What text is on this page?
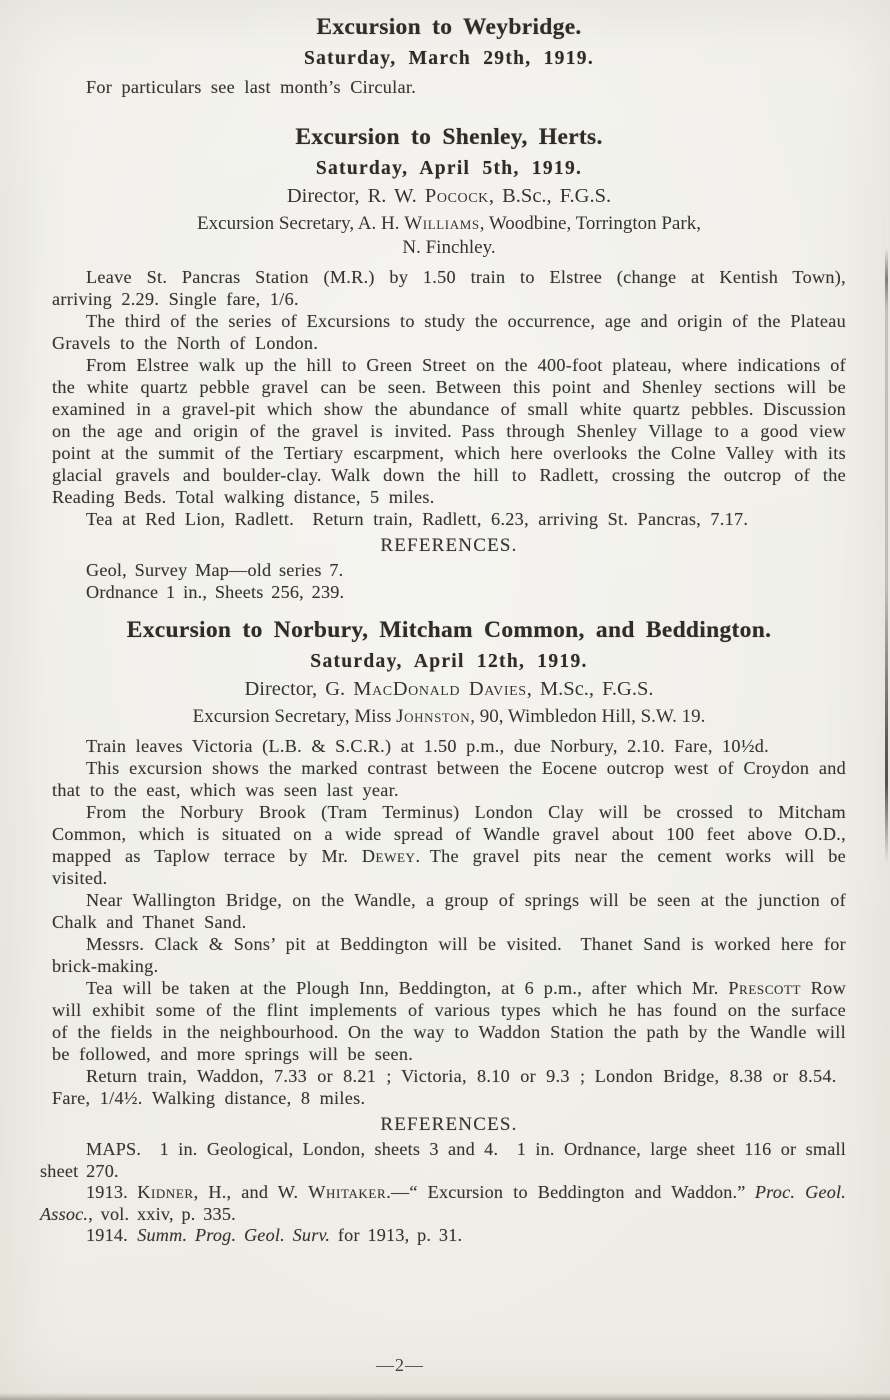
Excursion to Weybridge.
Saturday, March 29th, 1919.

For particulars see last month’s Circular.

Excursion to Shenley, Herts.
Saturday, April 5th, 1919.
Director, R. W. Pocock, B.Sc., F.G.S.
Excursion Secretary, A. H. Williams, Woodbine, Torrington Park,
N. Finchley.

Leave St. Pancras Station (M.R.) by 1.50 train to Elstree (change at Kentish Town), arriving 2.29. Single fare, 1/6.

The third of the series of Excursions to study the occurrence, age and origin of the Plateau Gravels to the North of London.

From Elstree walk up the hill to Green Street on the 400-foot plateau, where indications of the white quartz pebble gravel can be seen. Between this point and Shenley sections will be examined in a gravel-pit which show the abundance of small white quartz pebbles. Discussion on the age and origin of the gravel is invited. Pass through Shenley Village to a good view point at the summit of the Tertiary escarpment, which here overlooks the Colne Valley with its glacial gravels and boulder-clay. Walk down the hill to Radlett, crossing the outcrop of the Reading Beds. Total walking distance, 5 miles.

Tea at Red Lion, Radlett. Return train, Radlett, 6.23, arriving St. Pancras, 7.17.

REFERENCES.

Geol, Survey Map—old series 7.

Ordnance 1 in., Sheets 256, 239.

Excursion to Norbury, Mitcham Common, and Beddington.
Saturday, April 12th, 1919.
Director, G. MacDonald Davies, M.Sc., F.G.S.
Excursion Secretary, Miss Johnston, 90, Wimbledon Hill, S.W. 19.

Train leaves Victoria (L.B. & S.C.R.) at 1.50 p.m., due Norbury, 2.10. Fare, 10½d.

This excursion shows the marked contrast between the Eocene outcrop west of Croydon and that to the east, which was seen last year.

From the Norbury Brook (Tram Terminus) London Clay will be crossed to Mitcham Common, which is situated on a wide spread of Wandle gravel about 100 feet above O.D., mapped as Taplow terrace by Mr. Dewey. The gravel pits near the cement works will be visited.

Near Wallington Bridge, on the Wandle, a group of springs will be seen at the junction of Chalk and Thanet Sand.

Messrs. Clack & Sons’ pit at Beddington will be visited. Thanet Sand is worked here for brick-making.

Tea will be taken at the Plough Inn, Beddington, at 6 p.m., after which Mr. Prescott Row will exhibit some of the flint implements of various types which he has found on the surface of the fields in the neighbourhood. On the way to Waddon Station the path by the Wandle will be followed, and more springs will be seen.

Return train, Waddon, 7.33 or 8.21 ; Victoria, 8.10 or 9.3 ; London Bridge, 8.38 or 8.54. Fare, 1/4½. Walking distance, 8 miles.

REFERENCES.

MAPS.  1 in. Geological, London, sheets 3 and 4.  1 in. Ordnance, large sheet 116 or small sheet 270.

1913. Kidner, H., and W. Whitaker.—“ Excursion to Beddington and Waddon.” Proc. Geol. Assoc., vol. xxiv, p. 335.

1914. Summ. Prog. Geol. Surv. for 1913, p. 31.

—2—
